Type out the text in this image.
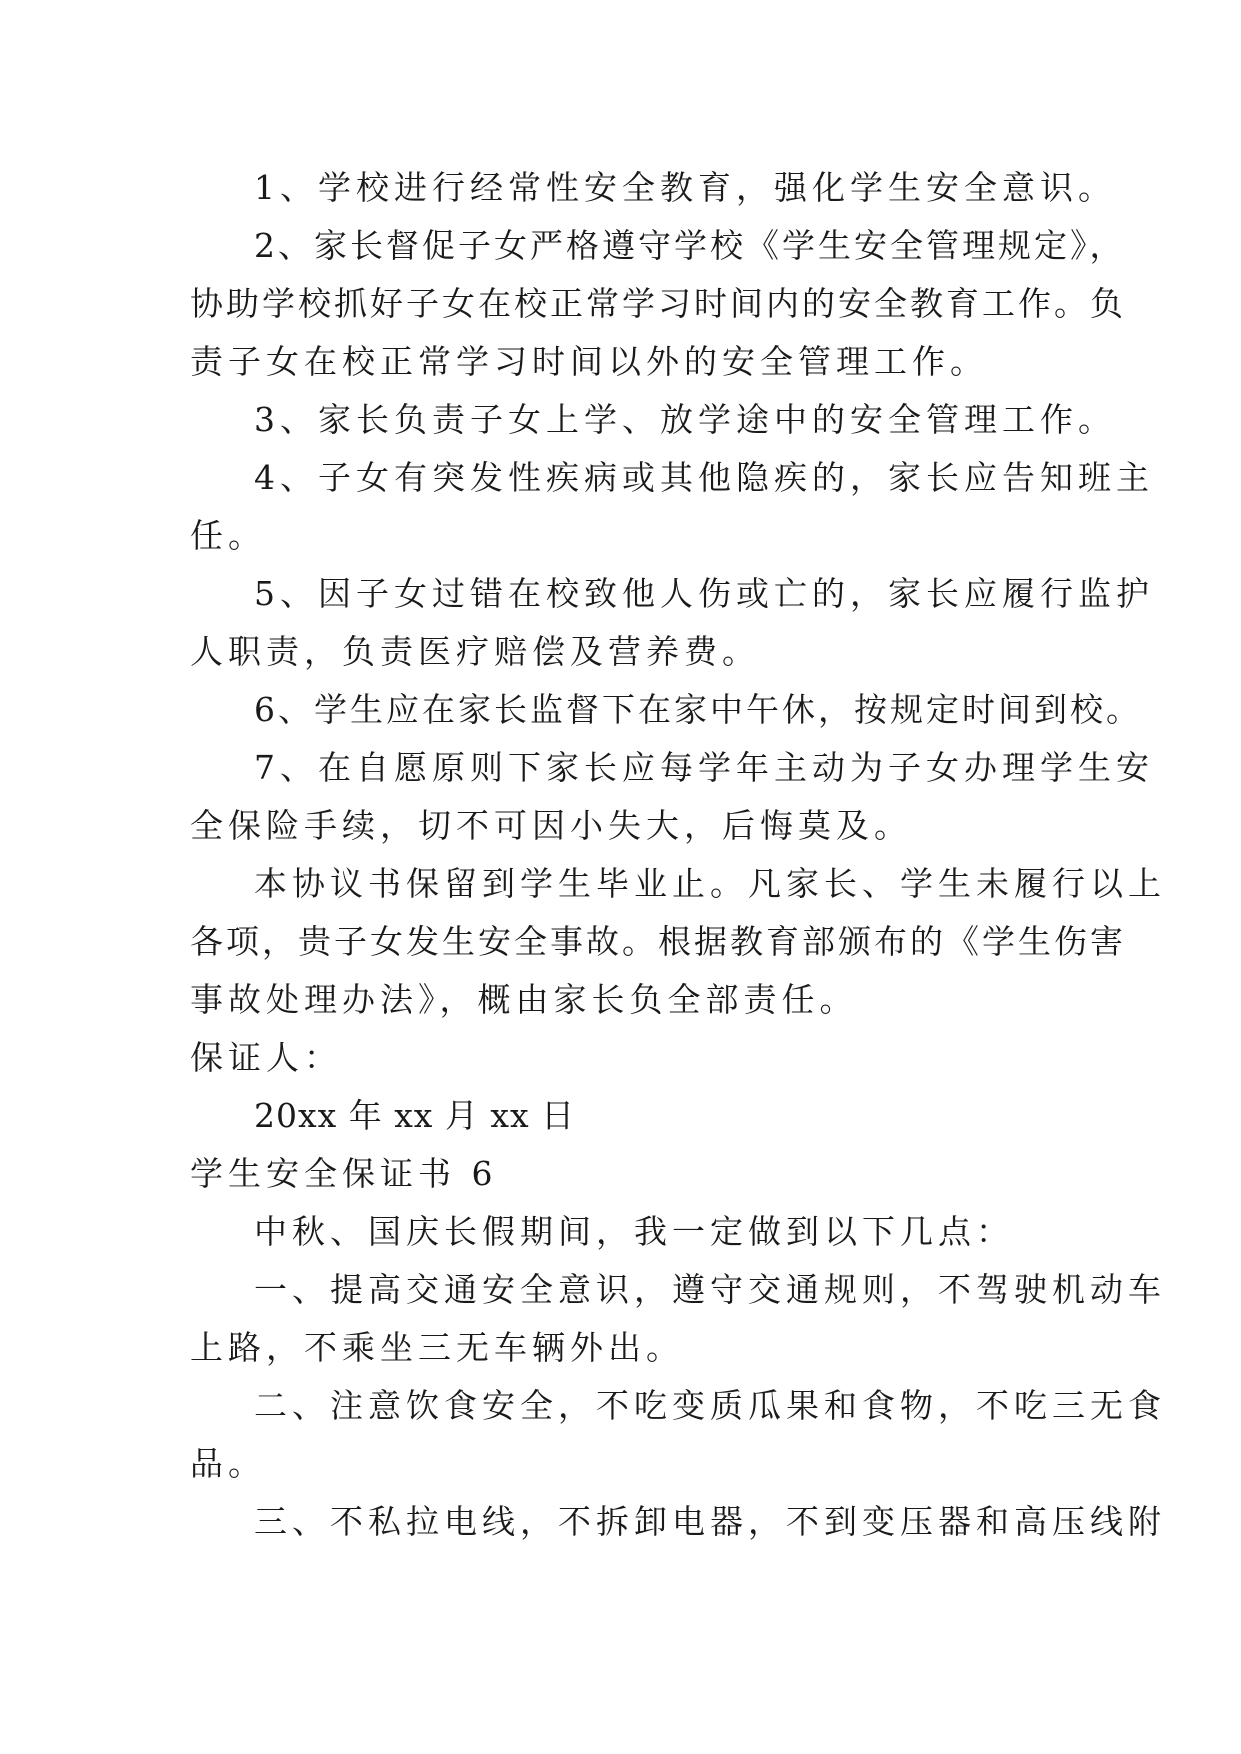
1、学校进行经常性安全教育，强化学生安全意识。
2、家长督促子女严格遵守学校《学生安全管理规定》，
协助学校抓好子女在校正常学习时间内的安全教育工作。负
责子女在校正常学习时间以外的安全管理工作。
3、家长负责子女上学、放学途中的安全管理工作。
4、子女有突发性疾病或其他隐疾的，家长应告知班主
任。
5、因子女过错在校致他人伤或亡的，家长应履行监护
人职责，负责医疗赔偿及营养费。
6、学生应在家长监督下在家中午休，按规定时间到校。
7、在自愿原则下家长应每学年主动为子女办理学生安
全保险手续，切不可因小失大，后悔莫及。
本协议书保留到学生毕业止。凡家长、学生未履行以上
各项，贵子女发生安全事故。根据教育部颁布的《学生伤害
事故处理办法》，概由家长负全部责任。
保证人：
20xx 年 xx 月 xx 日
学生安全保证书 6
中秋、国庆长假期间，我一定做到以下几点：
一、提高交通安全意识，遵守交通规则，不驾驶机动车
上路，不乘坐三无车辆外出。
二、注意饮食安全，不吃变质瓜果和食物，不吃三无食
品。
三、不私拉电线，不拆卸电器，不到变压器和高压线附
